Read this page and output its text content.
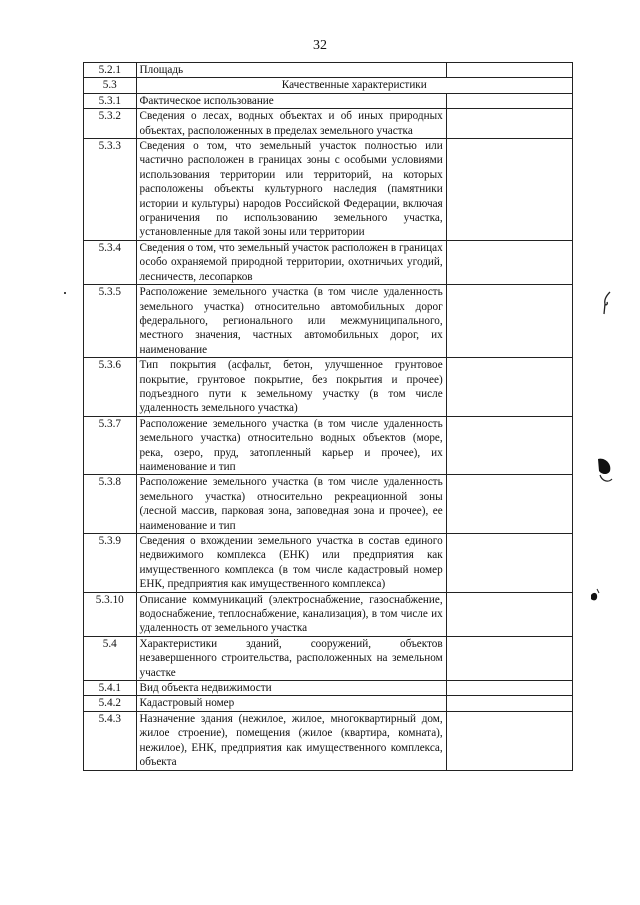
32
5.2.1	Площадь	
5.3	Качественные характеристики	
5.3.1	Фактическое использование	
5.3.2	Сведения о лесах, водных объектах и об иных природных объектах, расположенных в пределах земельного участка	
5.3.3	Сведения о том, что земельный участок полностью или частично расположен в границах зоны с особыми условиями использования территории или территорий, на которых расположены объекты культурного наследия (памятники истории и культуры) народов Российской Федерации, включая ограничения по использованию земельного участка, установленные для такой зоны или территории	
5.3.4	Сведения о том, что земельный участок расположен в границах особо охраняемой природной территории, охотничьих угодий, лесничеств, лесопарков	
5.3.5	Расположение земельного участка (в том числе удаленность земельного участка) относительно автомобильных дорог федерального, регионального или межмуниципального, местного значения, частных автомобильных дорог, их наименование	
5.3.6	Тип покрытия (асфальт, бетон, улучшенное грунтовое покрытие, грунтовое покрытие, без покрытия и прочее) подъездного пути к земельному участку (в том числе удаленность земельного участка)	
5.3.7	Расположение земельного участка (в том числе удаленность земельного участка) относительно водных объектов (море, река, озеро, пруд, затопленный карьер и прочее), их наименование и тип	
5.3.8	Расположение земельного участка (в том числе удаленность земельного участка) относительно рекреационной зоны (лесной массив, парковая зона, заповедная зона и прочее), ее наименование и тип	
5.3.9	Сведения о вхождении земельного участка в состав единого недвижимого комплекса (ЕНК) или предприятия как имущественного комплекса (в том числе кадастровый номер ЕНК, предприятия как имущественного комплекса)	
5.3.10	Описание коммуникаций (электроснабжение, газоснабжение, водоснабжение, теплоснабжение, канализация), в том числе их удаленность от земельного участка	
5.4	Характеристики зданий, сооружений, объектов незавершенного строительства, расположенных на земельном участке	
5.4.1	Вид объекта недвижимости	
5.4.2	Кадастровый номер	
5.4.3	Назначение здания (нежилое, жилое, многоквартирный дом, жилое строение), помещения (жилое (квартира, комната), нежилое), ЕНК, предприятия как имущественного комплекса, объекта	
